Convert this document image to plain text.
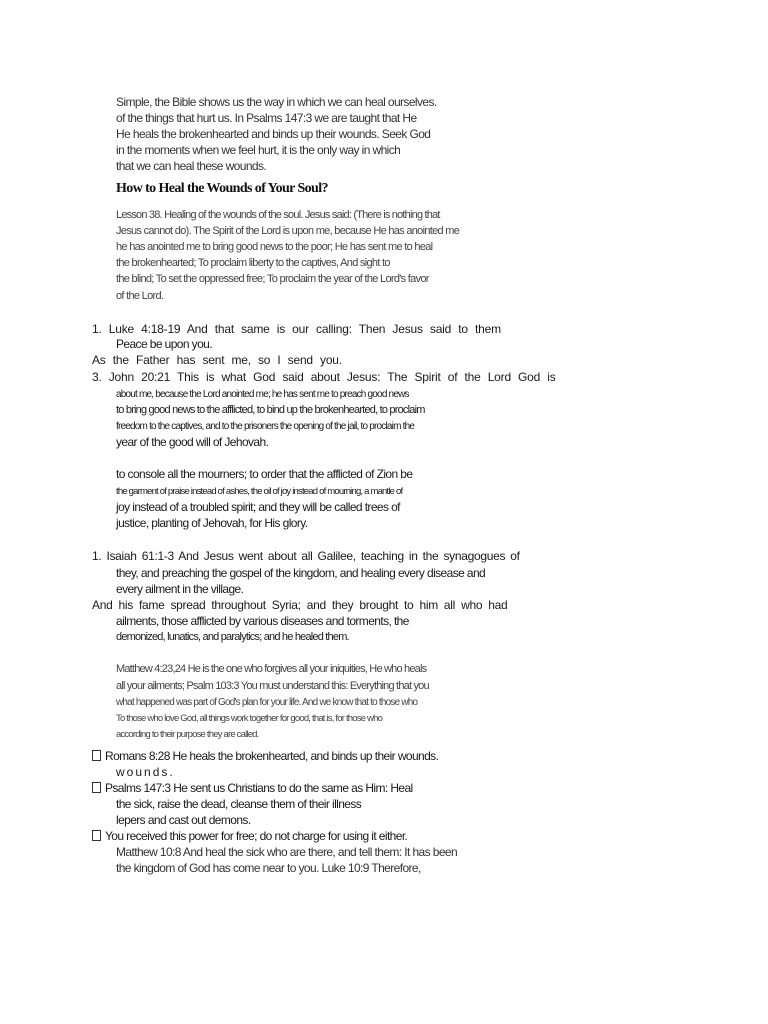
Simple, the Bible shows us the way in which we can heal ourselves.
of the things that hurt us. In Psalms 147:3 we are taught that He
He heals the brokenhearted and binds up their wounds. Seek God
in the moments when we feel hurt, it is the only way in which
that we can heal these wounds.
How to Heal the Wounds of Your Soul?
Lesson 38. Healing of the wounds of the soul. Jesus said: (There is nothing that
Jesus cannot do). The Spirit of the Lord is upon me, because He has anointed me
he has anointed me to bring good news to the poor; He has sent me to heal
the brokenhearted; To proclaim liberty to the captives, And sight to
the blind; To set the oppressed free; To proclaim the year of the Lord's favor
of the Lord.
1. Luke 4:18-19 And that same is our calling: Then Jesus said to them
Peace be upon you.
As the Father has sent me, so I send you.
3. John 20:21 This is what God said about Jesus: The Spirit of the Lord God is
about me, because the Lord anointed me; he has sent me to preach good news
to bring good news to the afflicted, to bind up the brokenhearted, to proclaim
freedom to the captives, and to the prisoners the opening of the jail, to proclaim the
year of the good will of Jehovah.
to console all the mourners; to order that the afflicted of Zion be
the garment of praise instead of ashes, the oil of joy instead of mourning, a mantle of
joy instead of a troubled spirit; and they will be called trees of
justice, planting of Jehovah, for His glory.
1. Isaiah 61:1-3 And Jesus went about all Galilee, teaching in the synagogues of
they, and preaching the gospel of the kingdom, and healing every disease and
every ailment in the village.
And his fame spread throughout Syria; and they brought to him all who had
ailments, those afflicted by various diseases and torments, the
demonized, lunatics, and paralytics; and he healed them.
Matthew 4:23,24 He is the one who forgives all your iniquities, He who heals
all your ailments; Psalm 103:3 You must understand this: Everything that you
what happened was part of God's plan for your life. And we know that to those who
To those who love God, all things work together for good, that is, for those who
according to their purpose they are called.
Romans 8:28 He heals the brokenhearted, and binds up their wounds.
wounds.
Psalms 147:3 He sent us Christians to do the same as Him: Heal
the sick, raise the dead, cleanse them of their illness
lepers and cast out demons.
You received this power for free; do not charge for using it either.
Matthew 10:8 And heal the sick who are there, and tell them: It has been
the kingdom of God has come near to you. Luke 10:9 Therefore,
